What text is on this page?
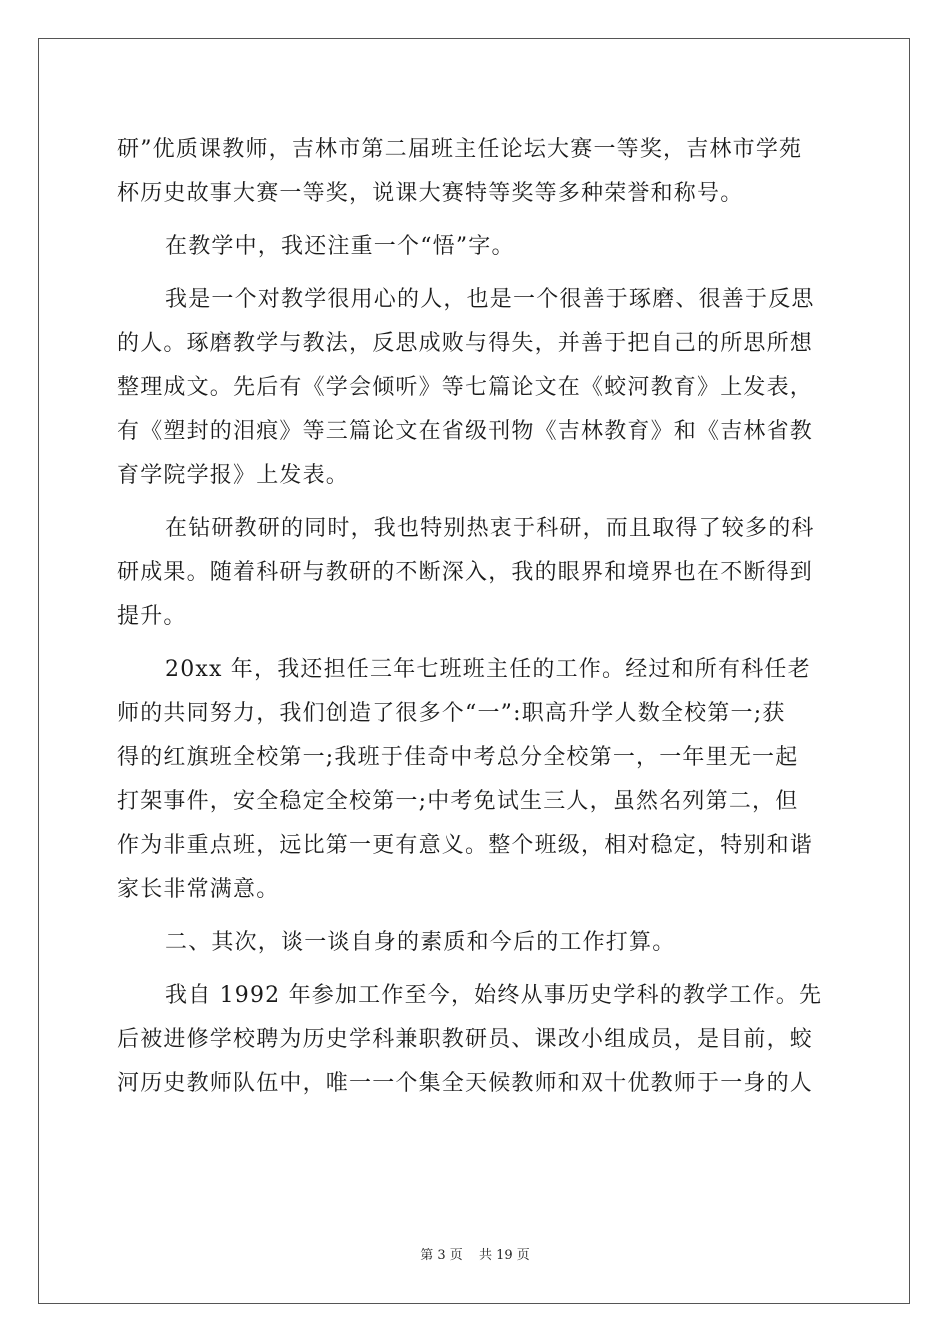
研”优质课教师，吉林市第二届班主任论坛大赛一等奖，吉林市学苑
杯历史故事大赛一等奖，说课大赛特等奖等多种荣誉和称号。

在教学中，我还注重一个“悟”字。

我是一个对教学很用心的人，也是一个很善于琢磨、很善于反思
的人。琢磨教学与教法，反思成败与得失，并善于把自己的所思所想
整理成文。先后有《学会倾听》等七篇论文在《蛟河教育》上发表，
有《塑封的泪痕》等三篇论文在省级刊物《吉林教育》和《吉林省教
育学院学报》上发表。

在钻研教研的同时，我也特别热衷于科研，而且取得了较多的科
研成果。随着科研与教研的不断深入，我的眼界和境界也在不断得到
提升。

20xx 年，我还担任三年七班班主任的工作。经过和所有科任老
师的共同努力，我们创造了很多个“一”:职高升学人数全校第一;获
得的红旗班全校第一;我班于佳奇中考总分全校第一，一年里无一起
打架事件，安全稳定全校第一;中考免试生三人，虽然名列第二，但
作为非重点班，远比第一更有意义。整个班级，相对稳定，特别和谐
家长非常满意。

二、其次，谈一谈自身的素质和今后的工作打算。

我自 1992 年参加工作至今，始终从事历史学科的教学工作。先
后被进修学校聘为历史学科兼职教研员、课改小组成员，是目前，蛟
河历史教师队伍中，唯一一个集全天候教师和双十优教师于一身的人

第 3 页 共 19 页
